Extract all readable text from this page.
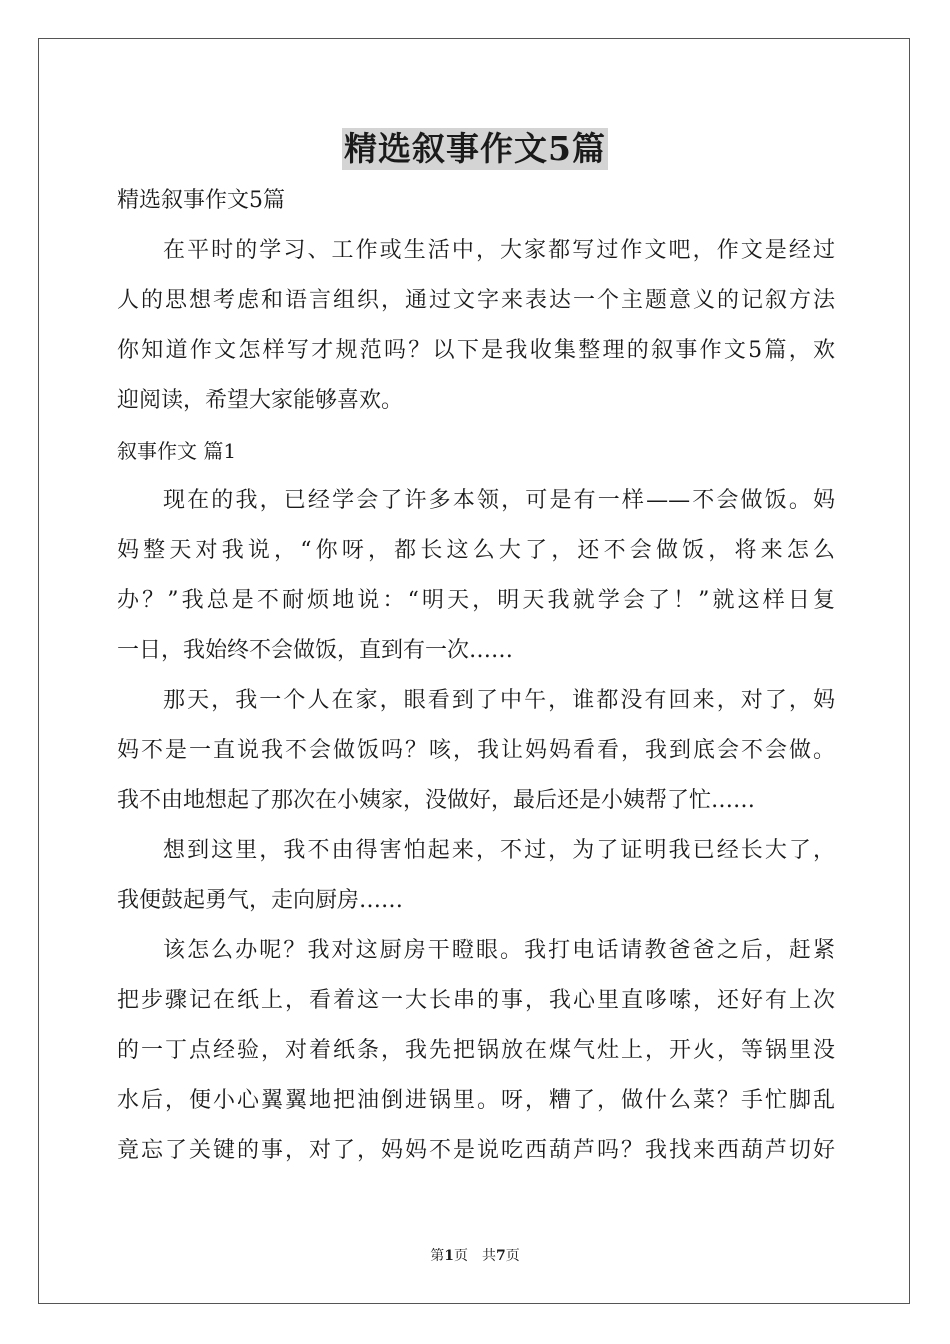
精选叙事作文5篇
精选叙事作文5篇
在平时的学习、工作或生活中，大家都写过作文吧，作文是经过
人的思想考虑和语言组织，通过文字来表达一个主题意义的记叙方法
你知道作文怎样写才规范吗？以下是我收集整理的叙事作文5篇，欢
迎阅读，希望大家能够喜欢。
叙事作文 篇1
现在的我，已经学会了许多本领，可是有一样——不会做饭。妈
妈整天对我说，“你呀，都长这么大了，还不会做饭，将来怎么
办？”我总是不耐烦地说：“明天，明天我就学会了！”就这样日复
一日，我始终不会做饭，直到有一次……
那天，我一个人在家，眼看到了中午，谁都没有回来，对了，妈
妈不是一直说我不会做饭吗？咳，我让妈妈看看，我到底会不会做。
我不由地想起了那次在小姨家，没做好，最后还是小姨帮了忙……
想到这里，我不由得害怕起来，不过，为了证明我已经长大了，
我便鼓起勇气，走向厨房……
该怎么办呢？我对这厨房干瞪眼。我打电话请教爸爸之后，赶紧
把步骤记在纸上，看着这一大长串的事，我心里直哆嗦，还好有上次
的一丁点经验，对着纸条，我先把锅放在煤气灶上，开火，等锅里没
水后，便小心翼翼地把油倒进锅里。呀，糟了，做什么菜？手忙脚乱
竟忘了关键的事，对了，妈妈不是说吃西葫芦吗？我找来西葫芦切好
第1页　共7页
